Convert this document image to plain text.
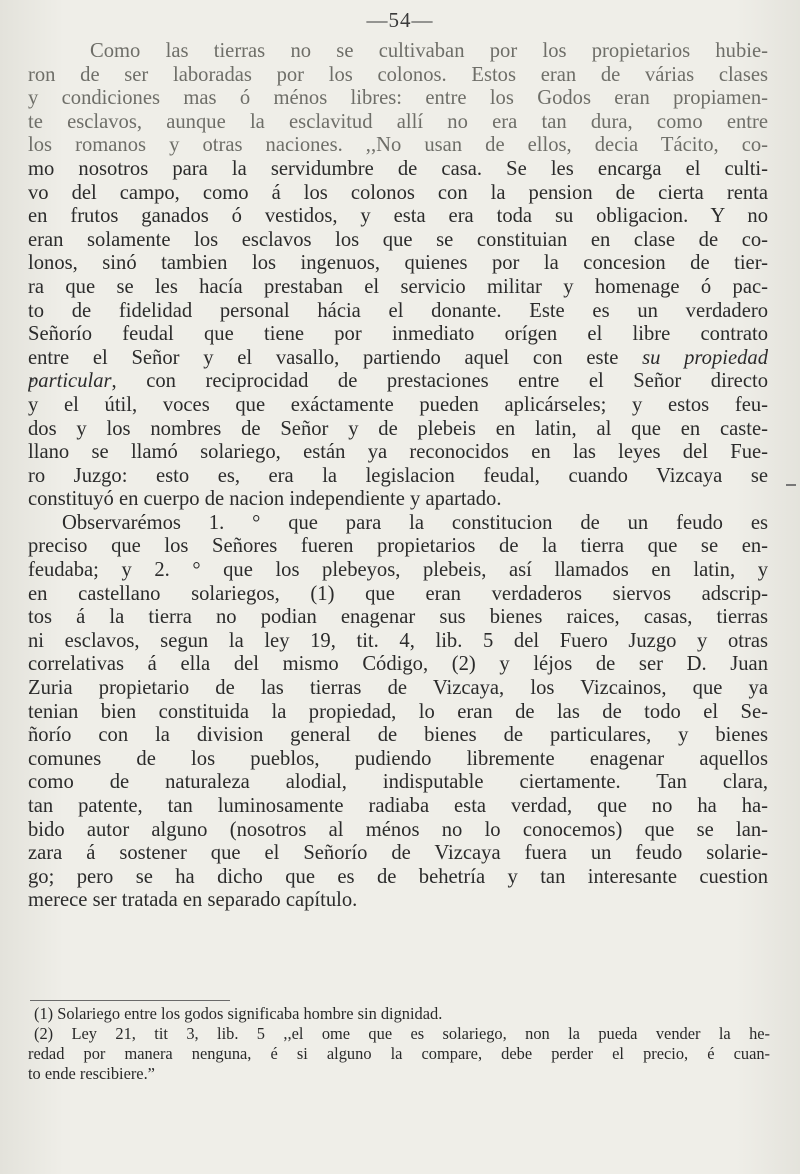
—54—
Como las tierras no se cultivaban por los propietarios hubie-
ron de ser laboradas por los colonos. Estos eran de várias clases
y condiciones mas ó ménos libres: entre los Godos eran propiamen-
te esclavos, aunque la esclavitud allí no era tan dura, como entre
los romanos y otras naciones. ,,No usan de ellos, decia Tácito, co-
mo nosotros para la servidumbre de casa. Se les encarga el culti-
vo del campo, como á los colonos con la pension de cierta renta
en frutos ganados ó vestidos, y esta era toda su obligacion. Y no
eran solamente los esclavos los que se constituian en clase de co-
lonos, sinó tambien los ingenuos, quienes por la concesion de tier-
ra que se les hacía prestaban el servicio militar y homenage ó pac-
to de fidelidad personal hácia el donante. Este es un verdadero
Señorío feudal que tiene por inmediato orígen el libre contrato
entre el Señor y el vasallo, partiendo aquel con este su propiedad
particular, con reciprocidad de prestaciones entre el Señor directo
y el útil, voces que exáctamente pueden aplicárseles; y estos feu-
dos y los nombres de Señor y de plebeis en latin, al que en caste-
llano se llamó solariego, están ya reconocidos en las leyes del Fue-
ro Juzgo: esto es, era la legislacion feudal, cuando Vizcaya se
constituyó en cuerpo de nacion independiente y apartado.
Observarémos 1. ° que para la constitucion de un feudo es
preciso que los Señores fueren propietarios de la tierra que se en-
feudaba; y 2. ° que los plebeyos, plebeis, así llamados en latin, y
en castellano solariegos, (1) que eran verdaderos siervos adscrip-
tos á la tierra no podian enagenar sus bienes raices, casas, tierras
ni esclavos, segun la ley 19, tit. 4, lib. 5 del Fuero Juzgo y otras
correlativas á ella del mismo Código, (2) y léjos de ser D. Juan
Zuria propietario de las tierras de Vizcaya, los Vizcainos, que ya
tenian bien constituida la propiedad, lo eran de las de todo el Se-
ñorío con la division general de bienes de particulares, y bienes
comunes de los pueblos, pudiendo libremente enagenar aquellos
como de naturaleza alodial, indisputable ciertamente. Tan clara,
tan patente, tan luminosamente radiaba esta verdad, que no ha ha-
bido autor alguno (nosotros al ménos no lo conocemos) que se lan-
zara á sostener que el Señorío de Vizcaya fuera un feudo solarie-
go; pero se ha dicho que es de behetría y tan interesante cuestion
merece ser tratada en separado capítulo.
(1) Solariego entre los godos significaba hombre sin dignidad.
(2) Ley 21, tit 3, lib. 5 ,,el ome que es solariego, non la pueda vender la he-
redad por manera nenguna, é si alguno la compare, debe perder el precio, é cuan-
to ende rescibiere.”
